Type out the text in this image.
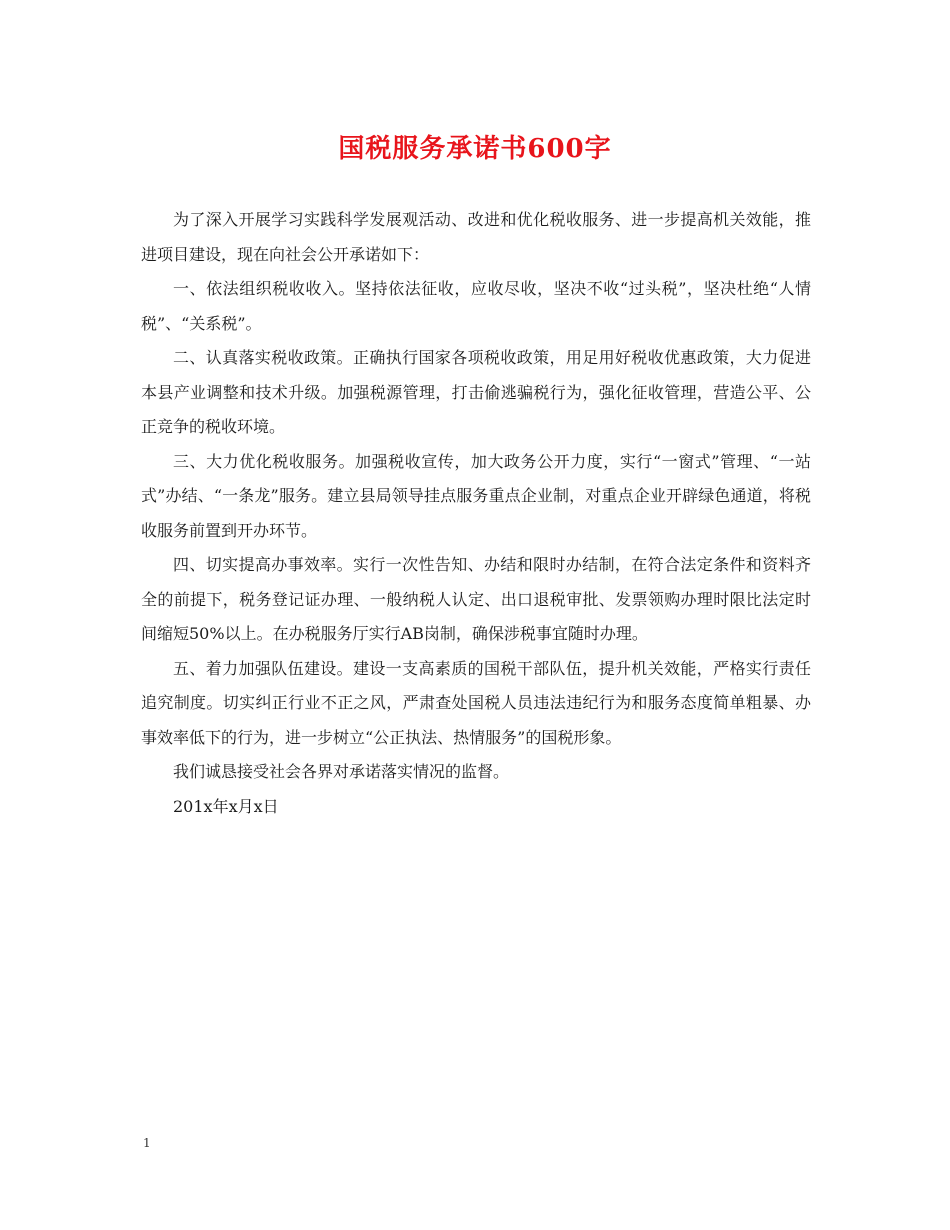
国税服务承诺书600字

为了深入开展学习实践科学发展观活动、改进和优化税收服务、进一步提高机关效能，推进项目建设，现在向社会公开承诺如下：

一、依法组织税收收入。坚持依法征收，应收尽收，坚决不收“过头税”，坚决杜绝“人情税”、“关系税”。

二、认真落实税收政策。正确执行国家各项税收政策，用足用好税收优惠政策，大力促进本县产业调整和技术升级。加强税源管理，打击偷逃骗税行为，强化征收管理，营造公平、公正竞争的税收环境。

三、大力优化税收服务。加强税收宣传，加大政务公开力度，实行“一窗式”管理、“一站式”办结、“一条龙”服务。建立县局领导挂点服务重点企业制，对重点企业开辟绿色通道，将税收服务前置到开办环节。

四、切实提高办事效率。实行一次性告知、办结和限时办结制，在符合法定条件和资料齐全的前提下，税务登记证办理、一般纳税人认定、出口退税审批、发票领购办理时限比法定时间缩短50%以上。在办税服务厅实行AB岗制，确保涉税事宜随时办理。

五、着力加强队伍建设。建设一支高素质的国税干部队伍，提升机关效能，严格实行责任追究制度。切实纠正行业不正之风，严肃查处国税人员违法违纪行为和服务态度简单粗暴、办事效率低下的行为，进一步树立“公正执法、热情服务”的国税形象。

我们诚恳接受社会各界对承诺落实情况的监督。

201x年x月x日

1
